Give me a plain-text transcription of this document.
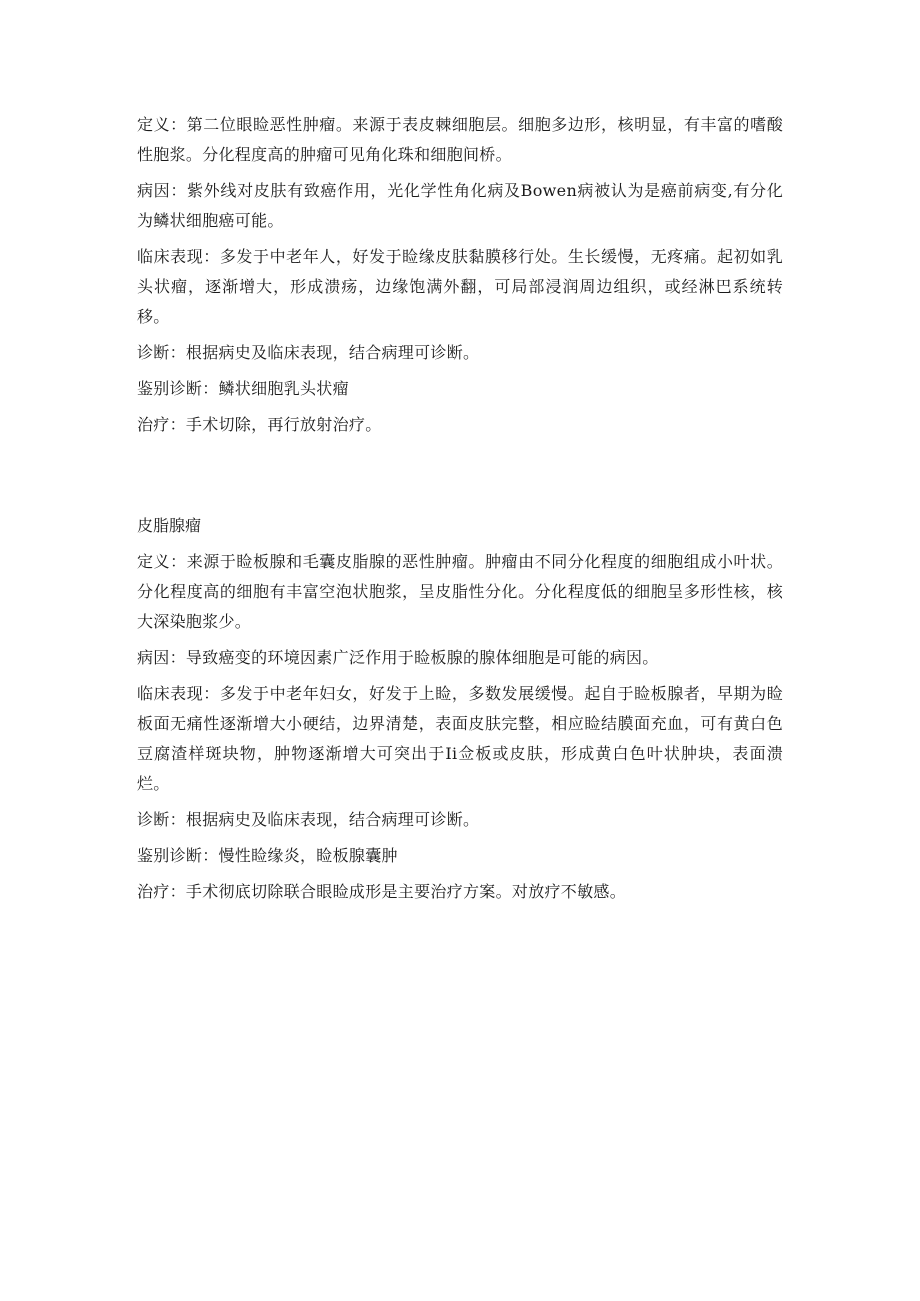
定义：第二位眼睑恶性肿瘤。来源于表皮棘细胞层。细胞多边形，核明显，有丰富的嗜酸性胞浆。分化程度高的肿瘤可见角化珠和细胞间桥。

病因：紫外线对皮肤有致癌作用，光化学性角化病及Bowen病被认为是癌前病变,有分化为鳞状细胞癌可能。

临床表现：多发于中老年人，好发于睑缘皮肤黏膜移行处。生长缓慢，无疼痛。起初如乳头状瘤，逐渐增大，形成溃疡，边缘饱满外翻，可局部浸润周边组织，或经淋巴系统转移。

诊断：根据病史及临床表现，结合病理可诊断。

鉴别诊断：鳞状细胞乳头状瘤

治疗：手术切除，再行放射治疗。

皮脂腺瘤

定义：来源于睑板腺和毛囊皮脂腺的恶性肿瘤。肿瘤由不同分化程度的细胞组成小叶状。分化程度高的细胞有丰富空泡状胞浆，呈皮脂性分化。分化程度低的细胞呈多形性核，核大深染胞浆少。

病因：导致癌变的环境因素广泛作用于睑板腺的腺体细胞是可能的病因。

临床表现：多发于中老年妇女，好发于上睑，多数发展缓慢。起自于睑板腺者，早期为睑板面无痛性逐渐增大小硬结，边界清楚，表面皮肤完整，相应睑结膜面充血，可有黄白色豆腐渣样斑块物，肿物逐渐增大可突出于Ii佥板或皮肤，形成黄白色叶状肿块，表面溃烂。

诊断：根据病史及临床表现，结合病理可诊断。

鉴别诊断：慢性睑缘炎，睑板腺囊肿

治疗：手术彻底切除联合眼睑成形是主要治疗方案。对放疗不敏感。
